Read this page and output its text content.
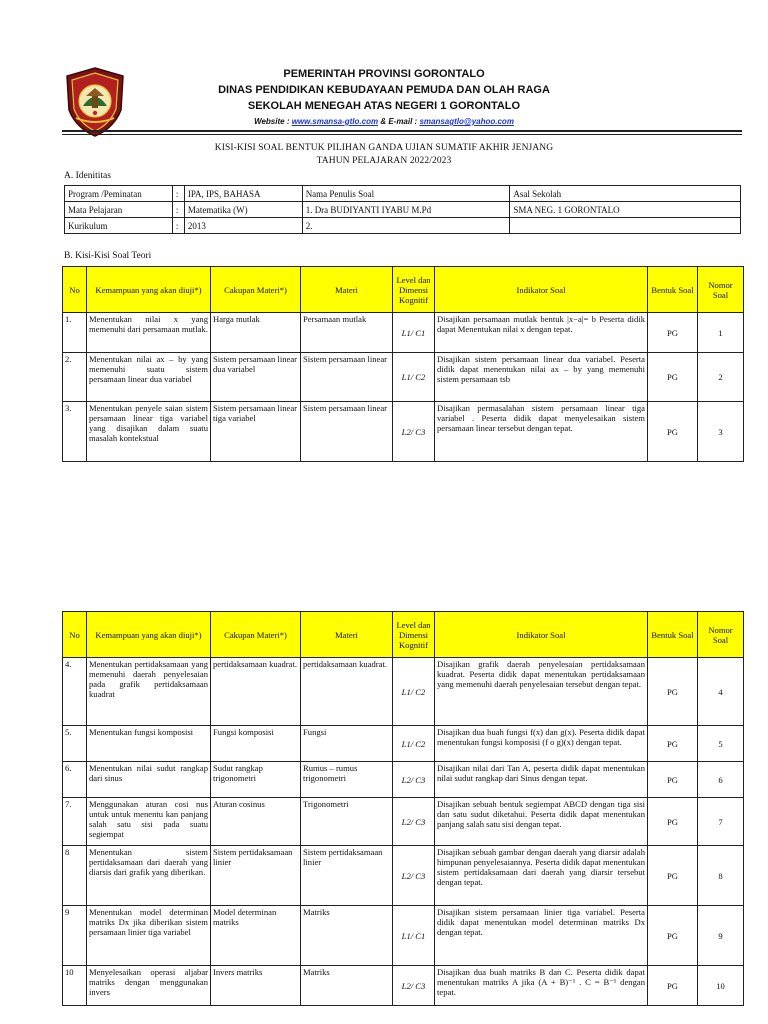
PEMERINTAH PROVINSI GORONTALO
DINAS PENDIDIKAN KEBUDAYAAN PEMUDA DAN OLAH RAGA
SEKOLAH MENEGAH ATAS NEGERI 1 GORONTALO
Website : www.smansa-gtlo.com & E-mail : smansagtlo@yahoo.com
KISI-KISI SOAL BENTUK PILIHAN GANDA UJIAN SUMATIF AKHIR JENJANG
TAHUN PELAJARAN 2022/2023
A. Idenititas
Program /Peminatan	:	IPA, IPS, BAHASA	Nama Penulis Soal	Asal Sekolah
Mata Pelajaran	:	Matematika (W)	1. Dra BUDIYANTI IYABU M.Pd	SMA NEG. 1 GORONTALO
Kurikulum	:	2013	2.	
B. Kisi-Kisi Soal Teori
No	Kemampuan yang akan diuji*)	Cakupan Materi*)	Materi	Level dan Dimensi Kognitif	Indikator Soal	Bentuk Soal	Nomor Soal
1.	Menentukan nilai x yang memenuhi dari persamaan mutlak.	Harga mutlak	Persamaan mutlak	L1/ C1	Disajikan persamaan mutlak bentuk |x−a|= b Peserta didik dapat Menentukan nilai x dengan tepat.	PG	1
2.	Menentukan nilai ax – by yang memenuhi suatu sistem persamaan linear dua variabel	Sistem persamaan linear dua variabel	Sistem persamaan linear	L1/ C2	Disajikan sistem persamaan linear dua variabel. Peserta didik dapat menentukan nilai ax – by yang memenuhi sistem persamaan tsb	PG	2
3.	Menentukan penyele saian sistem persamaan linear tiga variabel yang disajikan dalam suatu masalah kontekstual	Sistem persamaan linear tiga variabel	Sistem persamaan linear	L2/ C3	Disajikan permasalahan sistem persamaan linear tiga variabel . Peserta didik dapat menyelesaikan sistem persamaan linear tersebut dengan tepat.	PG	3
No	Kemampuan yang akan diuji*)	Cakupan Materi*)	Materi	Level dan Dimensi Kognitif	Indikator Soal	Bentuk Soal	Nomor Soal
4.	Menentukan pertidaksamaan yang memenuhi daerah penyelesaian pada grafik pertidaksamaan kuadrat	pertidaksamaan kuadrat.	pertidaksamaan kuadrat.	L1/ C2	Disajikan grafik daerah penyelesaian pertidaksamaan kuadrat. Peserta didik dapat menentukan pertidaksamaan yang memenuhi daerah penyelesaian tersebut dengan tepat.	PG	4
5.	Menentukan fungsi komposisi	Fungsi komposisi	Fungsi	L1/ C2	Disajikan dua buah fungsi f(x) dan g(x). Peserta didik dapat menentukan fungsi komposisi (f o g)(x) dengan tepat.	PG	5
6.	Menentukan nilai sudut rangkap dari sinus	Sudut rangkap trigonometri	Rumus – rumus trigonometri	L2/ C3	Disajikan nilai dari Tan A, peserta didik dapat menentukan nilai sudut rangkap dari Sinus dengan tepat.	PG	6
7.	Menggunakan aturan cosi nus untuk untuk menentu kan panjang salah satu sisi pada suatu segiempat	Aturan cosinus	Trigonometri	L2/ C3	Disajikan sebuah bentuk segiempat ABCD dengan tiga sisi dan satu sudut diketahui. Peserta didik dapat menentukan panjang salah satu sisi dengan tepat.	PG	7
8	Menentukan sistem pertidaksamaan dari daerah yang diarsis dari grafik yang diberikan.	Sistem pertidaksamaan linier	Sistem pertidaksamaan linier	L2/ C3	Disajikan sebuah gambar dengan daerah yang diarsir adalah himpunan penyelesaiannya. Peserta didik dapat menentukan sistem pertidaksamaan dari daerah yang diarsir tersebut dengan tepat.	PG	8
9	Menentukan model determinan matriks Dx jika diberikan sistem persamaan linier tiga variabel	Model determinan matriks	Matriks	L1/ C1	Disajikan sistem persamaan linier tiga variabel. Peserta didik dapat menentukan model determinan matriks Dx dengan tepat.	PG	9
10	Menyelesaikan operasi aljabar matriks dengan menggunakan invers	Invers matriks	Matriks	L2/ C3	Disajikan dua buah matriks B dan C. Peserta didik dapat menentukan matriks A jika (A + B)⁻¹ . C = B⁻¹ dengan tepat.	PG	10
